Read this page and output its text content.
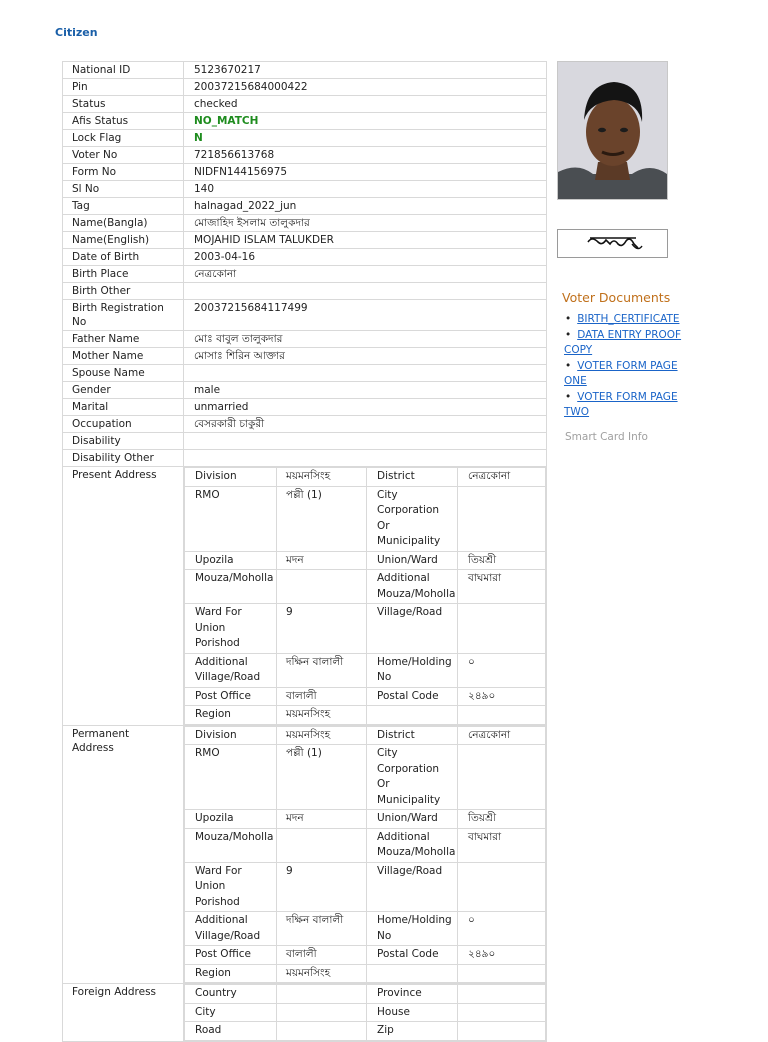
Citizen
National ID	5123670217
Pin	20037215684000422
Status	checked
Afis Status	NO_MATCH
Lock Flag	N
Voter No	721856613768
Form No	NIDFN144156975
Sl No	140
Tag	halnagad_2022_jun
Name(Bangla)	মোজাহিদ ইসলাম তালুকদার
Name(English)	MOJAHID ISLAM TALUKDER
Date of Birth	2003-04-16
Birth Place	নেত্রকোনা
Birth Other	
Birth Registration No	20037215684117499
Father Name	মোঃ বাবুল তালুকদার
Mother Name	মোসাঃ শিরিন আক্তার
Spouse Name	
Gender	male
Marital	unmarried
Occupation	বেসরকারী চাকুরী
Disability	
Disability Other	
Present Address		Division	ময়মনসিংহ	District	নেত্রকোনা
RMO	পল্লী (1)	City Corporation Or Municipality	
Upozila	মদন	Union/Ward	তিয়শ্রী
Mouza/Moholla		Additional Mouza/Moholla	বাঘমারা
Ward For Union Porishod	9	Village/Road	
Additional Village/Road	দক্ষিন বালালী	Home/Holding No	০
Post Office	বালালী	Postal Code	২৪৯০
Region	ময়মনসিংহ		

Permanent Address	
Division	ময়মনসিংহ	District	নেত্রকোনা
RMO	পল্লী (1)	City Corporation Or Municipality	
Upozila	মদন	Union/Ward	তিয়শ্রী
Mouza/Moholla		Additional Mouza/Moholla	বাঘমারা
Ward For Union Porishod	9	Village/Road	
Additional Village/Road	দক্ষিন বালালী	Home/Holding No	০
Post Office	বালালী	Postal Code	২৪৯০
Region	ময়মনসিংহ		

Foreign Address		Country		Province	
City		House	
Road		Zip	
Voter Documents
• BIRTH_CERTIFICATE
• DATA ENTRY PROOF COPY
• VOTER FORM PAGE ONE
• VOTER FORM PAGE TWO
Smart Card Info
